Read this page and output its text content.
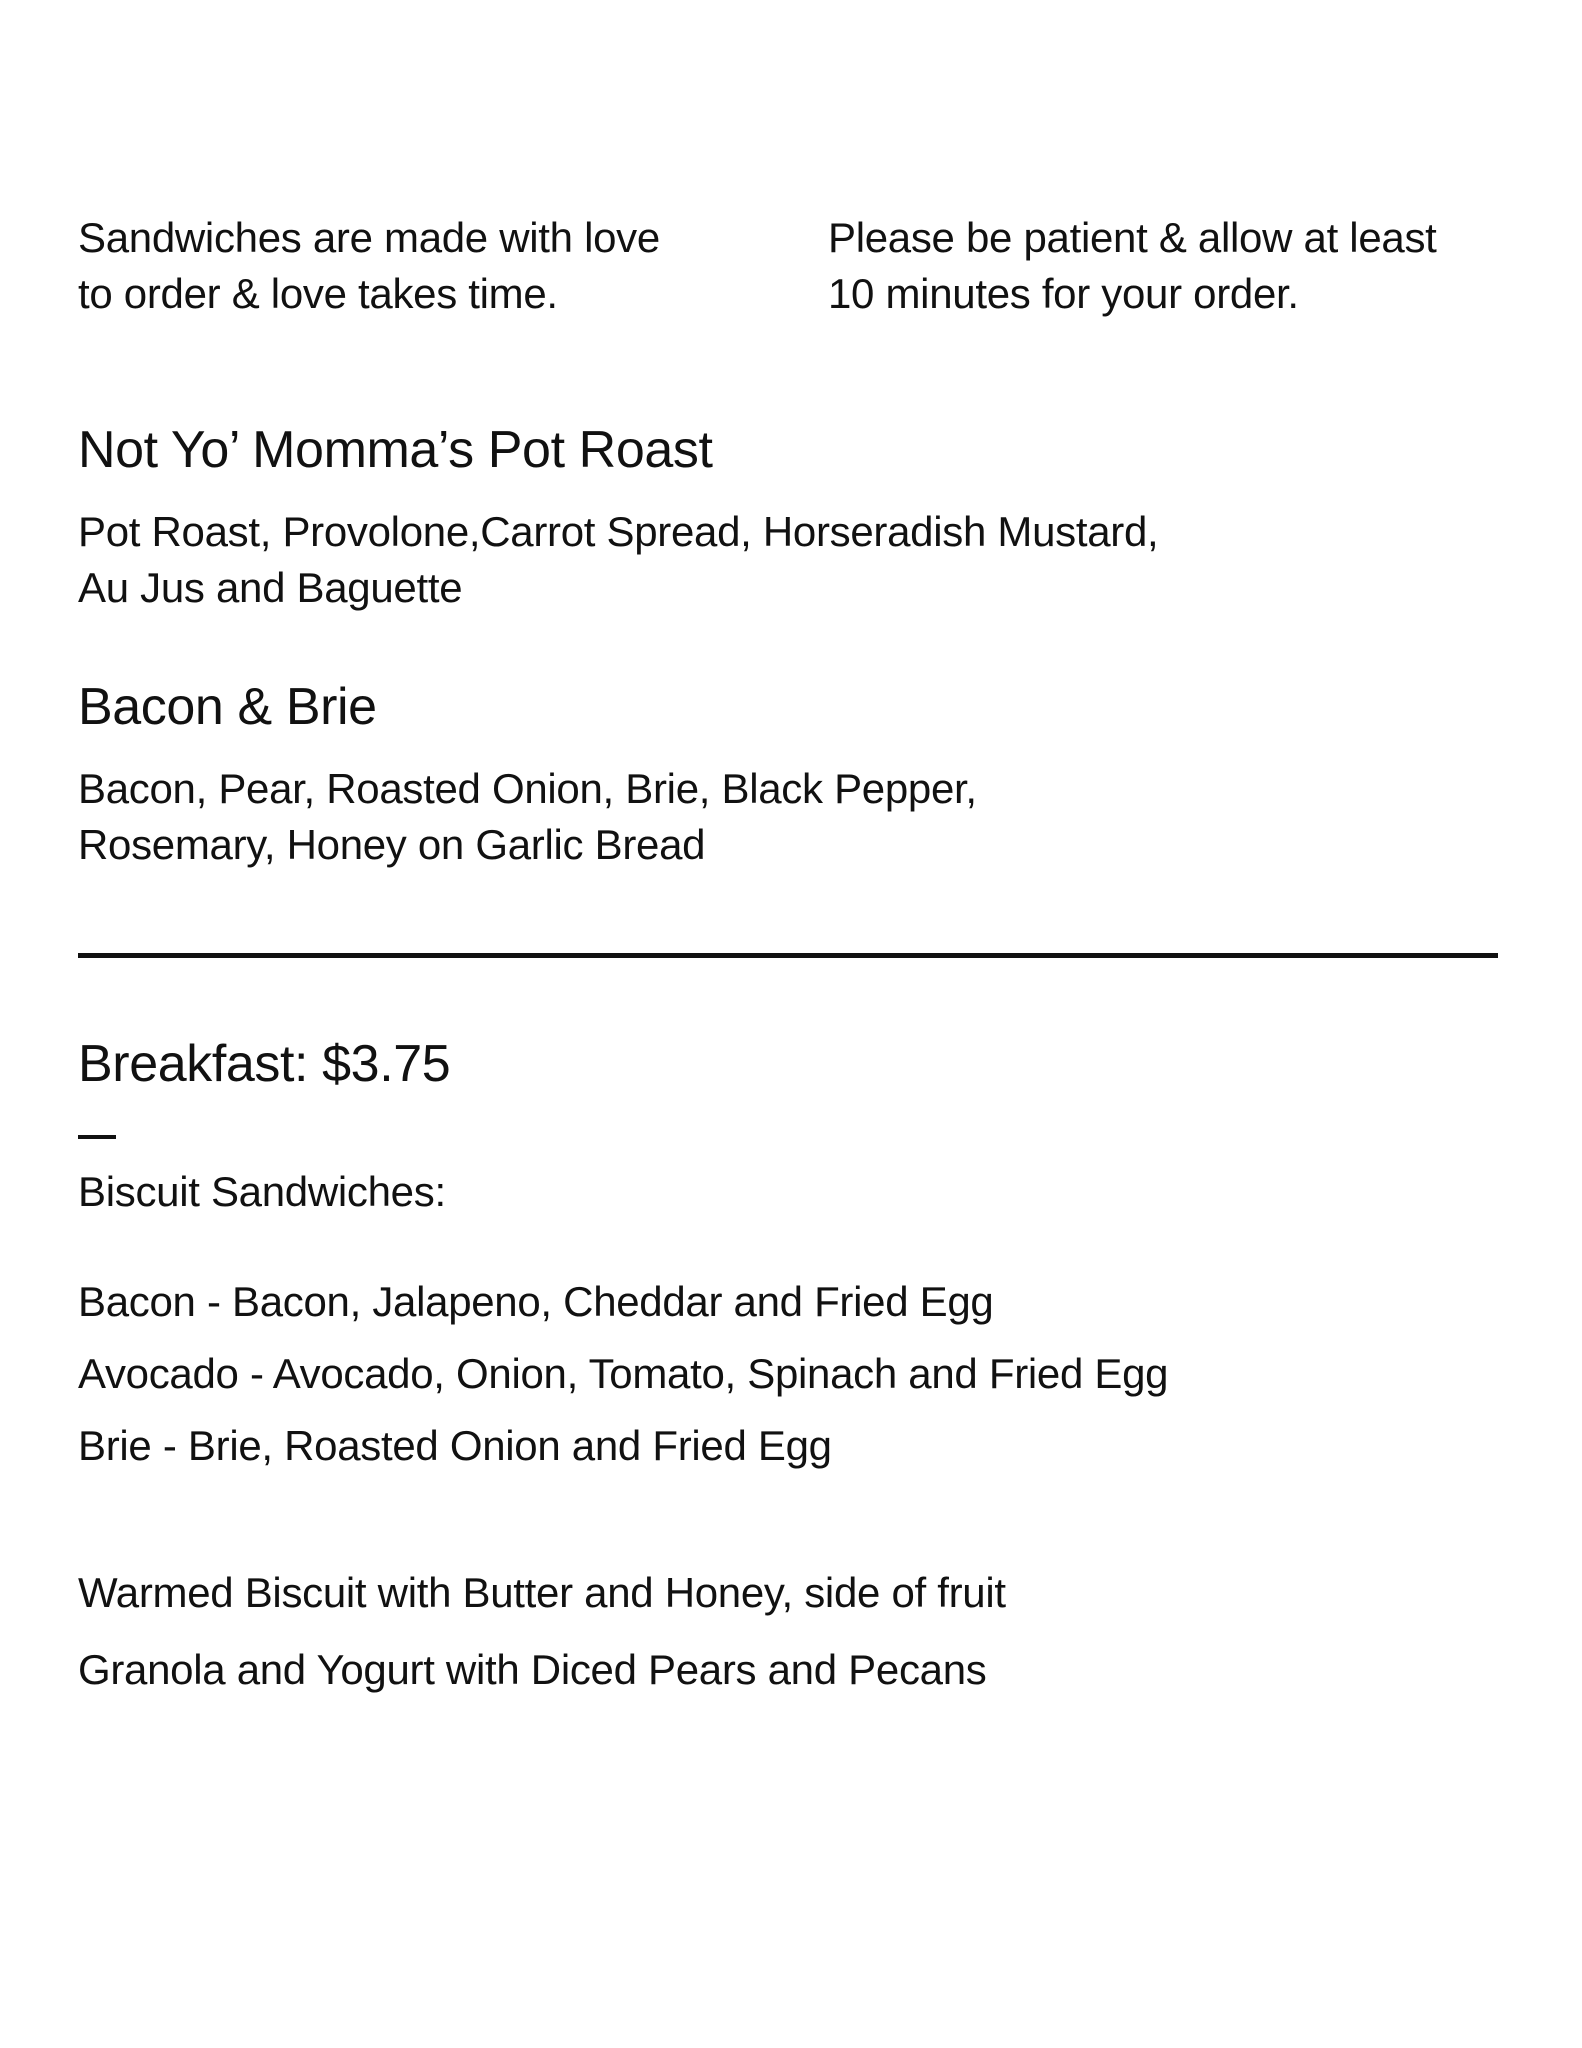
Sandwiches are made with love
to order & love takes time.
Please be patient & allow at least
10 minutes for your order.
Not Yo’ Momma’s Pot Roast
Pot Roast, Provolone,Carrot Spread, Horseradish Mustard,
Au Jus and Baguette
Bacon & Brie
Bacon, Pear, Roasted Onion, Brie, Black Pepper,
Rosemary, Honey on Garlic Bread
Breakfast: $3.75
Biscuit Sandwiches:
Bacon - Bacon, Jalapeno, Cheddar and Fried Egg
Avocado - Avocado, Onion, Tomato, Spinach and Fried Egg
Brie - Brie, Roasted Onion and Fried Egg
Warmed Biscuit with Butter and Honey, side of fruit
Granola and Yogurt with Diced Pears and Pecans
